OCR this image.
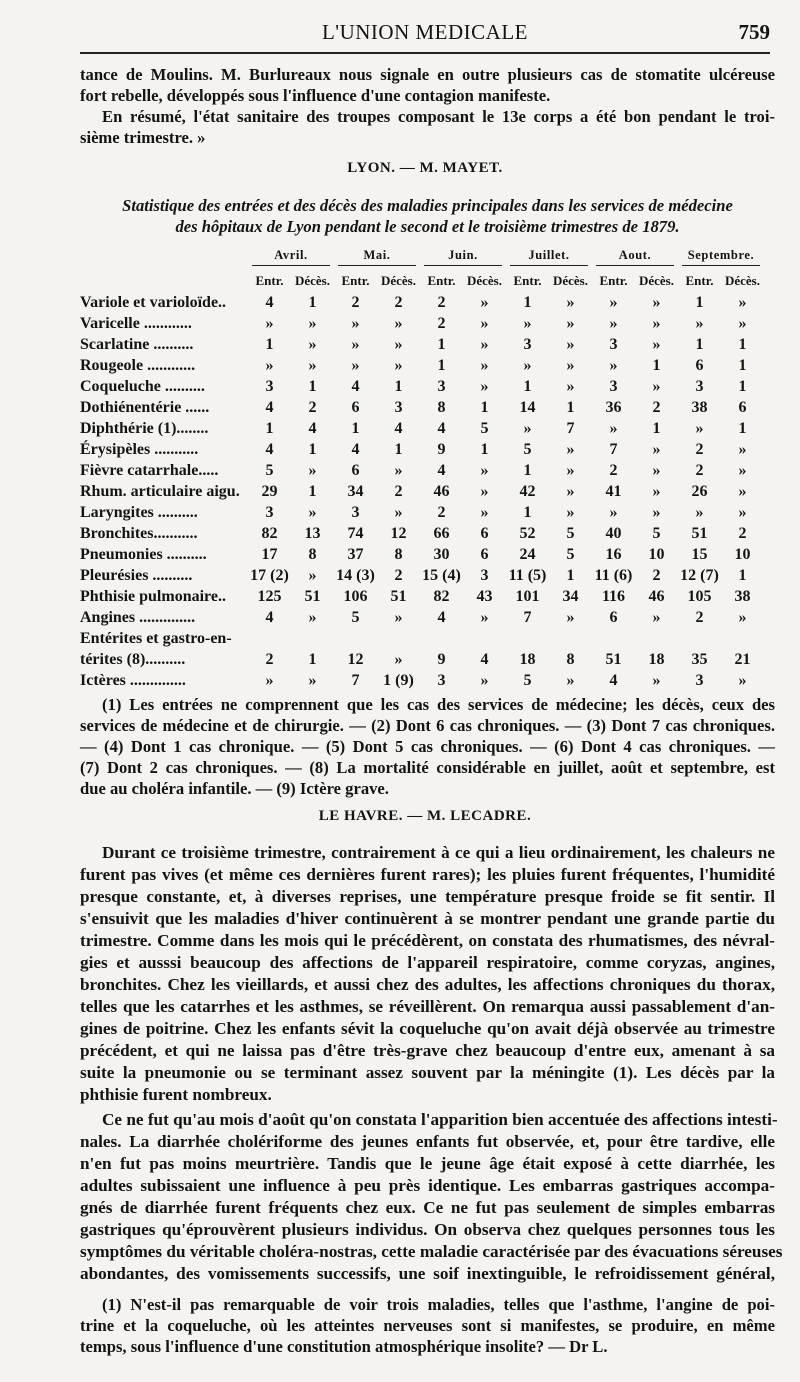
L'UNION MEDICALE	759
tance de Moulins. M. Burlureaux nous signale en outre plusieurs cas de stomatite ulcéreuse
fort rebelle, développés sous l'influence d'une contagion manifeste.
En résumé, l'état sanitaire des troupes composant le 13e corps a été bon pendant le troi-
sième trimestre. »
LYON. — M. MAYET.
Statistique des entrées et des décès des maladies principales dans les services de médecine
des hôpitaux de Lyon pendant le second et le troisième trimestres de 1879.
	Avril.		Mai.		Juin.		Juillet.		Aout.		Septembre.	
	Entr.	Décès.	Entr.	Décès.	Entr.	Décès.	Entr.	Décès.	Entr.	Décès.	Entr.	Décès.
Variole et varioloïde..	4	1	2	2	2	»	1	»	»	»	1	»
Varicelle ............	»	»	»	»	2	»	»	»	»	»	»	»
Scarlatine ..........	1	»	»	»	1	»	3	»	3	»	1	1
Rougeole ............	»	»	»	»	1	»	»	»	»	1	6	1
Coqueluche ..........	3	1	4	1	3	»	1	»	3	»	3	1
Dothiénentérie ......	4	2	6	3	8	1	14	1	36	2	38	6
Diphthérie (1)........	1	4	1	4	4	5	»	7	»	1	»	1
Érysipèles ...........	4	1	4	1	9	1	5	»	7	»	2	»
Fièvre catarrhale.....	5	»	6	»	4	»	1	»	2	»	2	»
Rhum. articulaire aigu.	29	1	34	2	46	»	42	»	41	»	26	»
Laryngites ..........	3	»	3	»	2	»	1	»	»	»	»	»
Bronchites...........	82	13	74	12	66	6	52	5	40	5	51	2
Pneumonies ..........	17	8	37	8	30	6	24	5	16	10	15	10
Pleurésies ..........	17 (2)	»	14 (3)	2	15 (4)	3	11 (5)	1	11 (6)	2	12 (7)	1
Phthisie pulmonaire..	125	51	106	51	82	43	101	34	116	46	105	38
Angines ..............	4	»	5	»	4	»	7	»	6	»	2	»
Entérites et gastro-en-												
térites (8)..........	2	1	12	»	9	4	18	8	51	18	35	21
Ictères ..............	»	»	7	1 (9)	3	»	5	»	4	»	3	»
(1) Les entrées ne comprennent que les cas des services de médecine; les décès, ceux des
services de médecine et de chirurgie. — (2) Dont 6 cas chroniques. — (3) Dont 7 cas chroniques.
— (4) Dont 1 cas chronique. — (5) Dont 5 cas chroniques. — (6) Dont 4 cas chroniques. —
(7) Dont 2 cas chroniques. — (8) La mortalité considérable en juillet, août et septembre, est
due au choléra infantile. — (9) Ictère grave.
LE HAVRE. — M. LECADRE.
Durant ce troisième trimestre, contrairement à ce qui a lieu ordinairement, les chaleurs ne
furent pas vives (et même ces dernières furent rares); les pluies furent fréquentes, l'humidité
presque constante, et, à diverses reprises, une température presque froide se fit sentir. Il
s'ensuivit que les maladies d'hiver continuèrent à se montrer pendant une grande partie du
trimestre. Comme dans les mois qui le précédèrent, on constata des rhumatismes, des névral-
gies et ausssi beaucoup des affections de l'appareil respiratoire, comme coryzas, angines,
bronchites. Chez les vieillards, et aussi chez des adultes, les affections chroniques du thorax,
telles que les catarrhes et les asthmes, se réveillèrent. On remarqua aussi passablement d'an-
gines de poitrine. Chez les enfants sévit la coqueluche qu'on avait déjà observée au trimestre
précédent, et qui ne laissa pas d'être très-grave chez beaucoup d'entre eux, amenant à sa
suite la pneumonie ou se terminant assez souvent par la méningite (1). Les décès par la
phthisie furent nombreux.
Ce ne fut qu'au mois d'août qu'on constata l'apparition bien accentuée des affections intesti-
nales. La diarrhée cholériforme des jeunes enfants fut observée, et, pour être tardive, elle
n'en fut pas moins meurtrière. Tandis que le jeune âge était exposé à cette diarrhée, les
adultes subissaient une influence à peu près identique. Les embarras gastriques accompa-
gnés de diarrhée furent fréquents chez eux. Ce ne fut pas seulement de simples embarras
gastriques qu'éprouvèrent plusieurs individus. On observa chez quelques personnes tous les
symptômes du véritable choléra-nostras, cette maladie caractérisée par des évacuations séreuses
abondantes, des vomissements successifs, une soif inextinguible, le refroidissement général,
(1) N'est-il pas remarquable de voir trois maladies, telles que l'asthme, l'angine de poi-
trine et la coqueluche, où les atteintes nerveuses sont si manifestes, se produire, en même
temps, sous l'influence d'une constitution atmosphérique insolite? — Dr L.
